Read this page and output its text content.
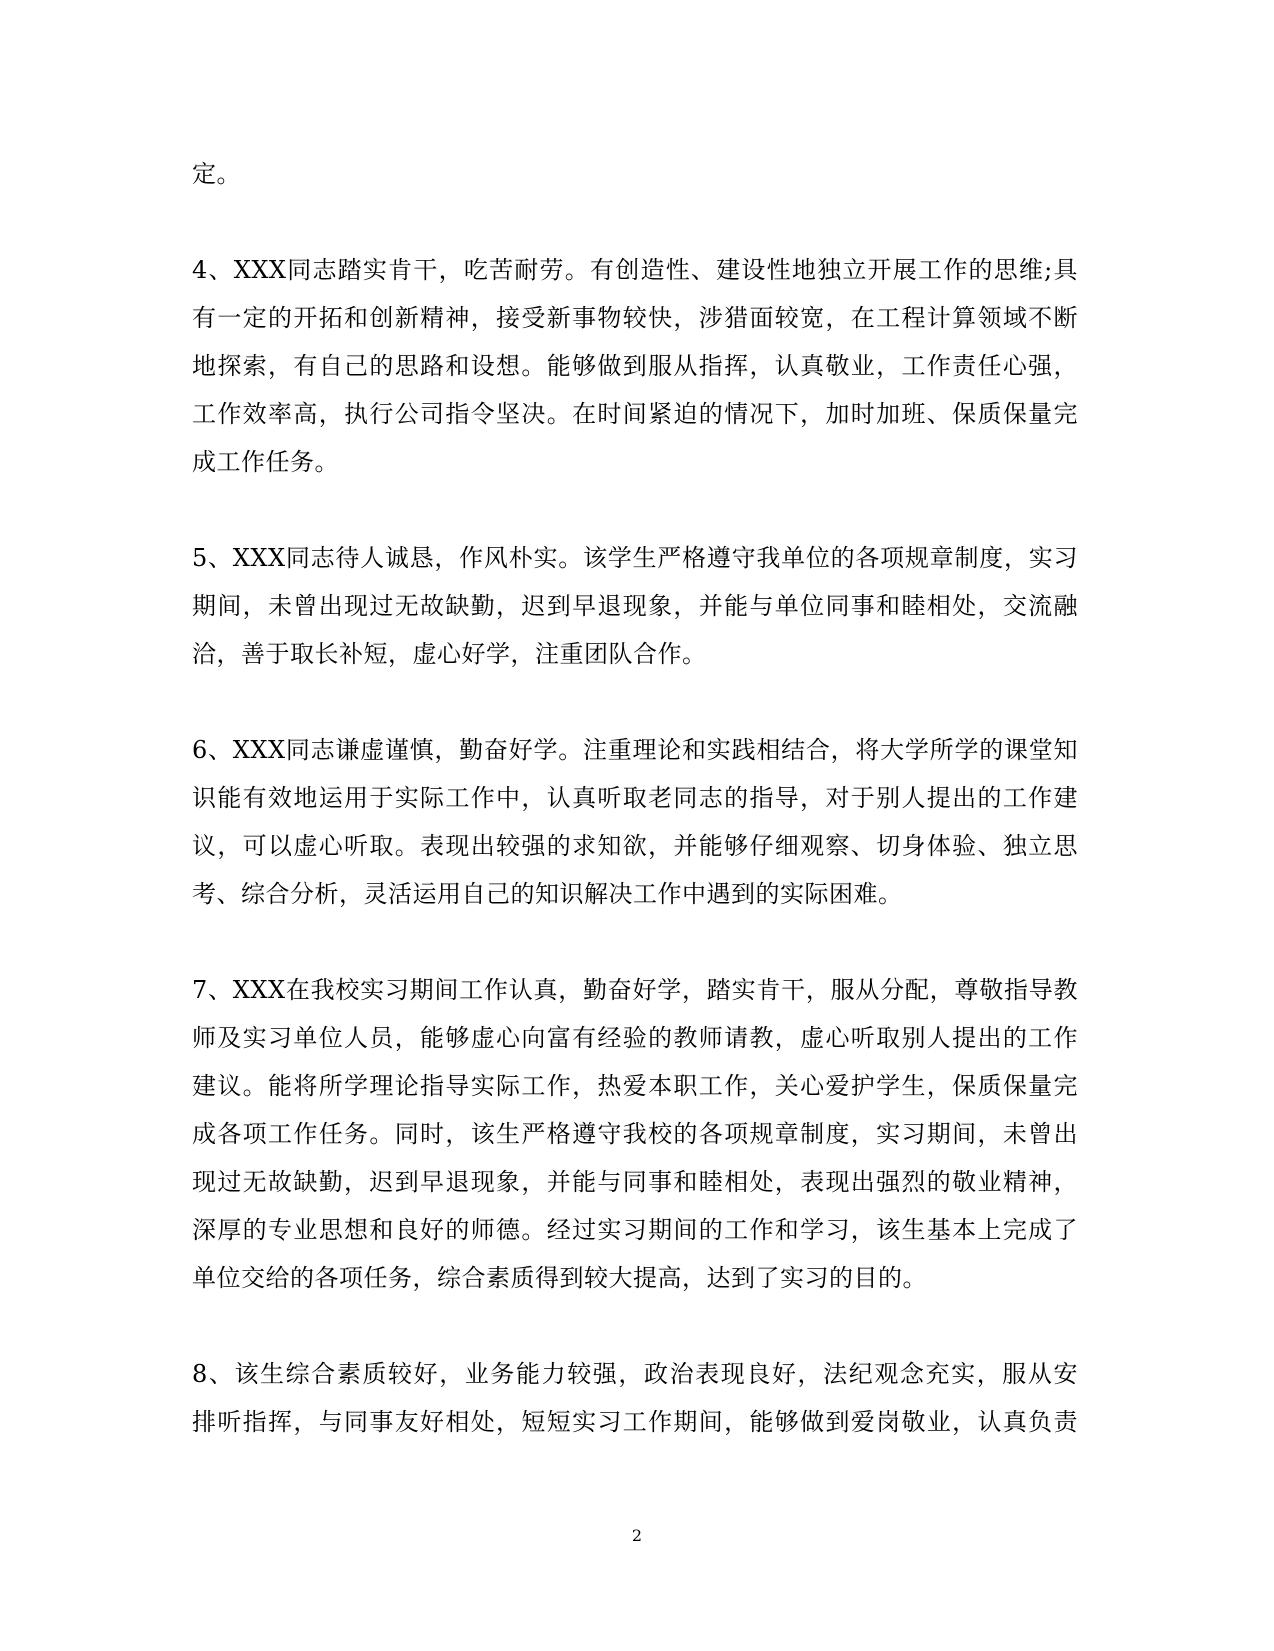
定。
4、XXX同志踏实肯干，吃苦耐劳。有创造性、建设性地独立开展工作的思维;具
有一定的开拓和创新精神，接受新事物较快，涉猎面较宽，在工程计算领域不断
地探索，有自己的思路和设想。能够做到服从指挥，认真敬业，工作责任心强，
工作效率高，执行公司指令坚决。在时间紧迫的情况下，加时加班、保质保量完
成工作任务。
5、XXX同志待人诚恳，作风朴实。该学生严格遵守我单位的各项规章制度，实习
期间，未曾出现过无故缺勤，迟到早退现象，并能与单位同事和睦相处，交流融
洽，善于取长补短，虚心好学，注重团队合作。
6、XXX同志谦虚谨慎，勤奋好学。注重理论和实践相结合，将大学所学的课堂知
识能有效地运用于实际工作中，认真听取老同志的指导，对于别人提出的工作建
议，可以虚心听取。表现出较强的求知欲，并能够仔细观察、切身体验、独立思
考、综合分析，灵活运用自己的知识解决工作中遇到的实际困难。
7、XXX在我校实习期间工作认真，勤奋好学，踏实肯干，服从分配，尊敬指导教
师及实习单位人员，能够虚心向富有经验的教师请教，虚心听取别人提出的工作
建议。能将所学理论指导实际工作，热爱本职工作，关心爱护学生，保质保量完
成各项工作任务。同时，该生严格遵守我校的各项规章制度，实习期间，未曾出
现过无故缺勤，迟到早退现象，并能与同事和睦相处，表现出强烈的敬业精神，
深厚的专业思想和良好的师德。经过实习期间的工作和学习，该生基本上完成了
单位交给的各项任务，综合素质得到较大提高，达到了实习的目的。
8、该生综合素质较好，业务能力较强，政治表现良好，法纪观念充实，服从安
排听指挥，与同事友好相处，短短实习工作期间，能够做到爱岗敬业，认真负责
2
